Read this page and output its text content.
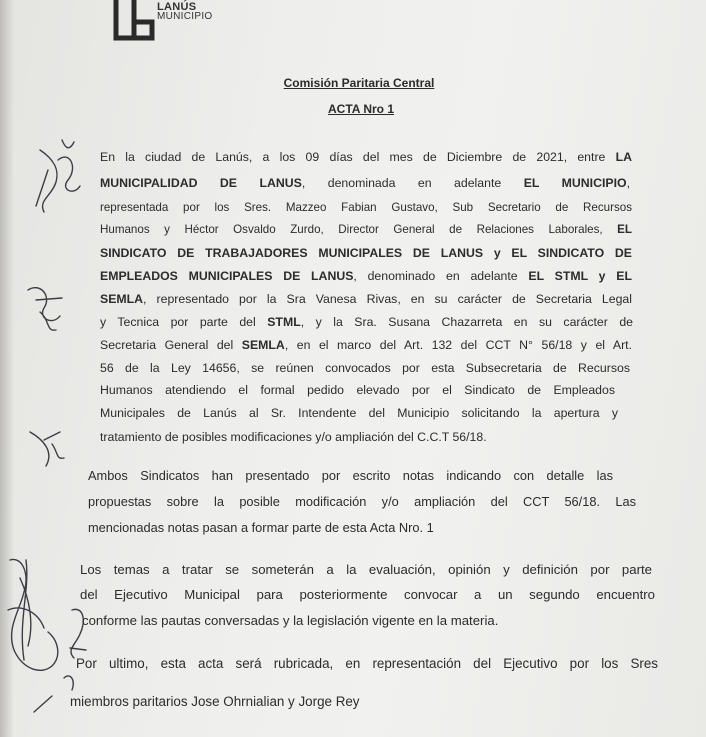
LANÚS
MUNICIPIO
Comisión Paritaria Central
ACTA Nro 1
En la ciudad de Lanús, a los 09 días del mes de Diciembre de 2021, entre LA
MUNICIPALIDAD DE LANUS, denominada en adelante EL MUNICIPIO,
representada por los Sres. Mazzeo Fabian Gustavo, Sub Secretario de Recursos
Humanos y Héctor Osvaldo Zurdo, Director General de Relaciones Laborales, EL
SINDICATO DE TRABAJADORES MUNICIPALES DE LANUS y EL SINDICATO DE
EMPLEADOS MUNICIPALES DE LANUS, denominado en adelante EL STML y EL
SEMLA, representado por la Sra Vanesa Rivas, en su carácter de Secretaria Legal
y Tecnica por parte del STML, y la Sra. Susana Chazarreta en su carácter de
Secretaria General del SEMLA, en el marco del Art. 132 del CCT N° 56/18 y el Art.
56 de la Ley 14656, se reúnen convocados por esta Subsecretaria de Recursos
Humanos atendiendo el formal pedido elevado por el Sindicato de Empleados
Municipales de Lanús al Sr. Intendente del Municipio solicitando la apertura y
tratamiento de posibles modificaciones y/o ampliación del C.C.T 56/18.
Ambos Sindicatos han presentado por escrito notas indicando con detalle las
propuestas sobre la posible modificación y/o ampliación del CCT 56/18. Las
mencionadas notas pasan a formar parte de esta Acta Nro. 1
Los temas a tratar se someterán a la evaluación, opinión y definición por parte
del Ejecutivo Municipal para posteriormente convocar a un segundo encuentro
conforme las pautas conversadas y la legislación vigente en la materia.
Por ultimo, esta acta será rubricada, en representación del Ejecutivo por los Sres
miembros paritarios Jose Ohrnialian y Jorge Rey
